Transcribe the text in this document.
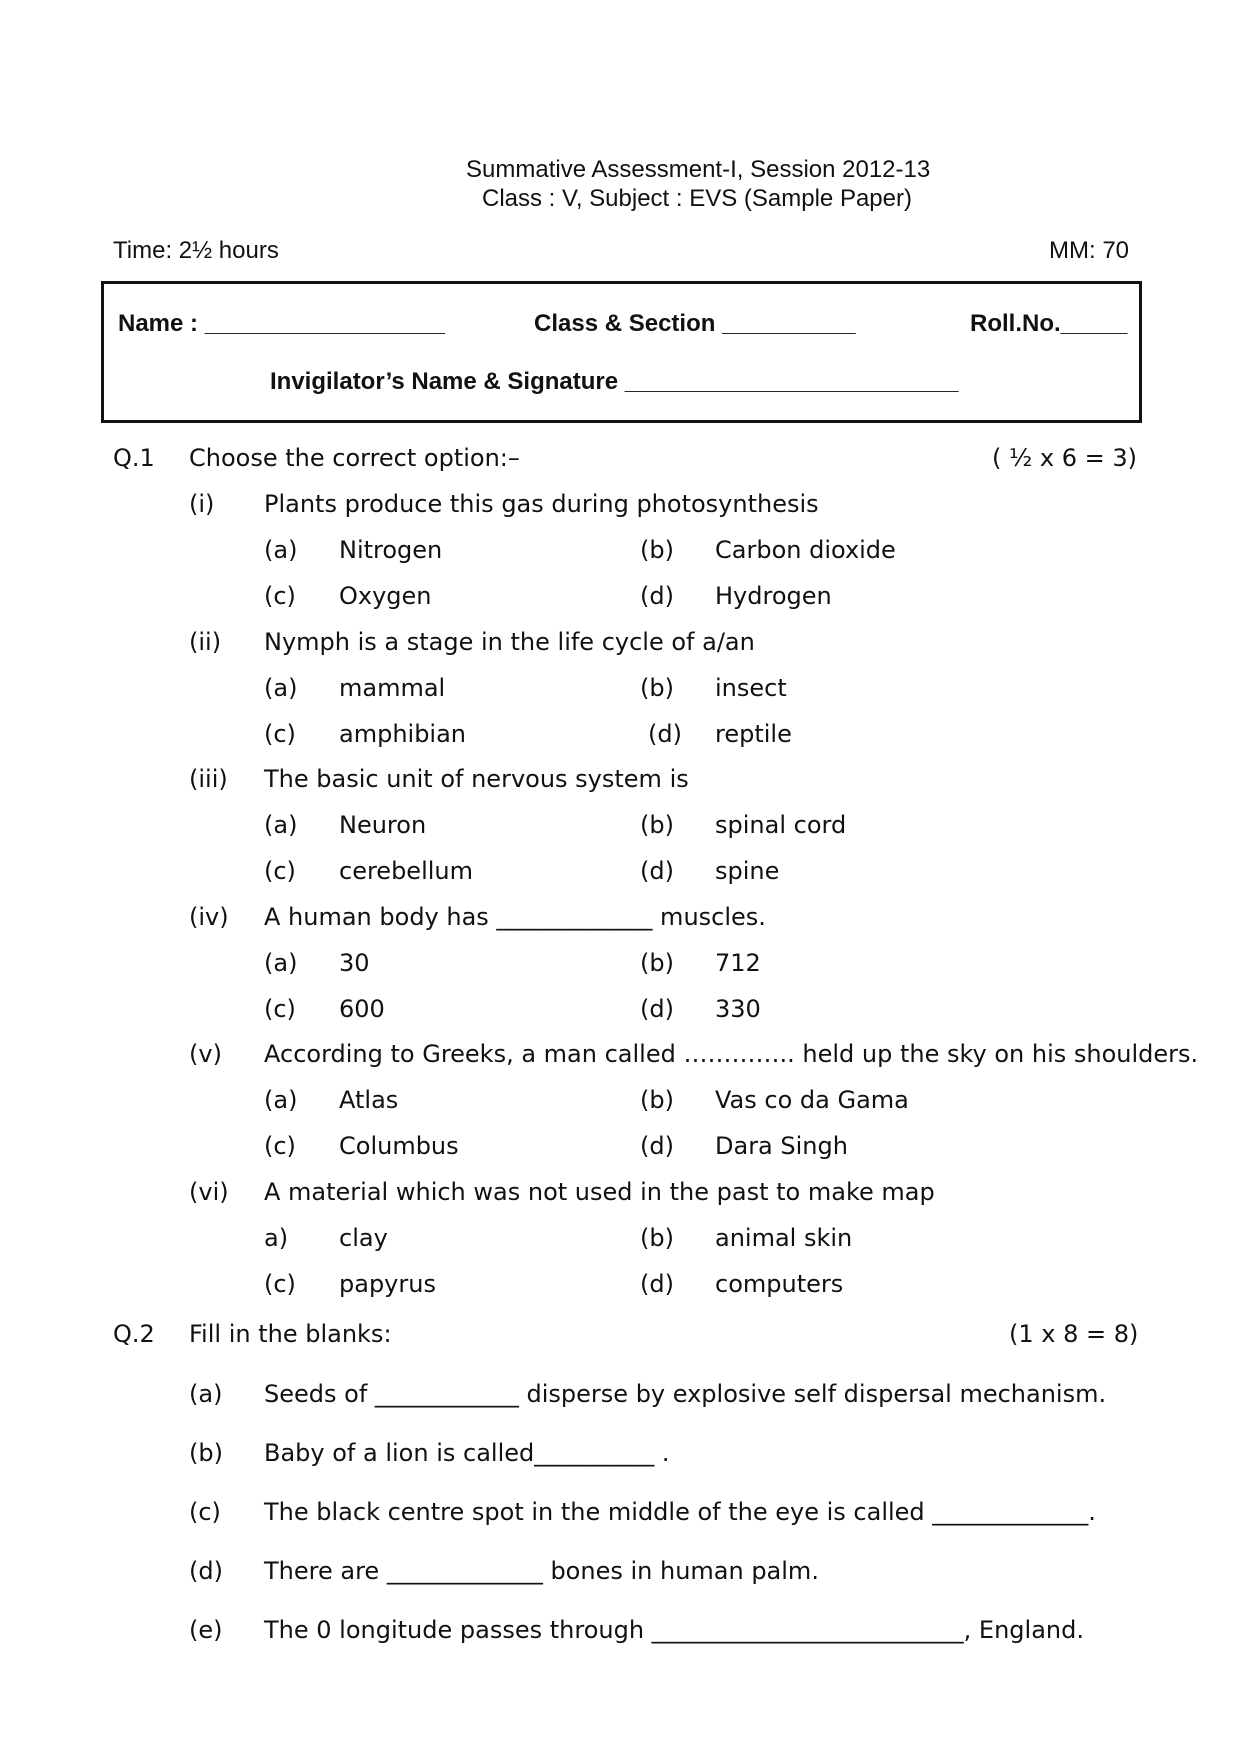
Summative Assessment-I, Session 2012-13
Class : V, Subject : EVS (Sample Paper)
Time: 2½ hours	MM: 70
Name : __________________	Class & Section __________	Roll.No._____
Invigilator’s Name & Signature _________________________
Q.1 Choose the correct option:–	( ½ x 6 = 3)
(i) Plants produce this gas during photosynthesis
(a) Nitrogen	(b) Carbon dioxide
(c) Oxygen	(d) Hydrogen
(ii) Nymph is a stage in the life cycle of a/an
(a) mammal	(b) insect
(c) amphibian	(d) reptile
(iii) The basic unit of nervous system is
(a) Neuron	(b) spinal cord
(c) cerebellum	(d) spine
(iv) A human body has _____________ muscles.
(a) 30	(b) 712
(c) 600	(d) 330
(v) According to Greeks, a man called ………….. held up the sky on his shoulders.
(a) Atlas	(b) Vas co da Gama
(c) Columbus	(d) Dara Singh
(vi) A material which was not used in the past to make map
a) clay	(b) animal skin
(c) papyrus	(d) computers
Q.2 Fill in the blanks:	(1 x 8 = 8)
(a) Seeds of ____________ disperse by explosive self dispersal mechanism.
(b) Baby of a lion is called__________ .
(c) The black centre spot in the middle of the eye is called _____________.
(d) There are _____________ bones in human palm.
(e) The 0 longitude passes through __________________________, England.
